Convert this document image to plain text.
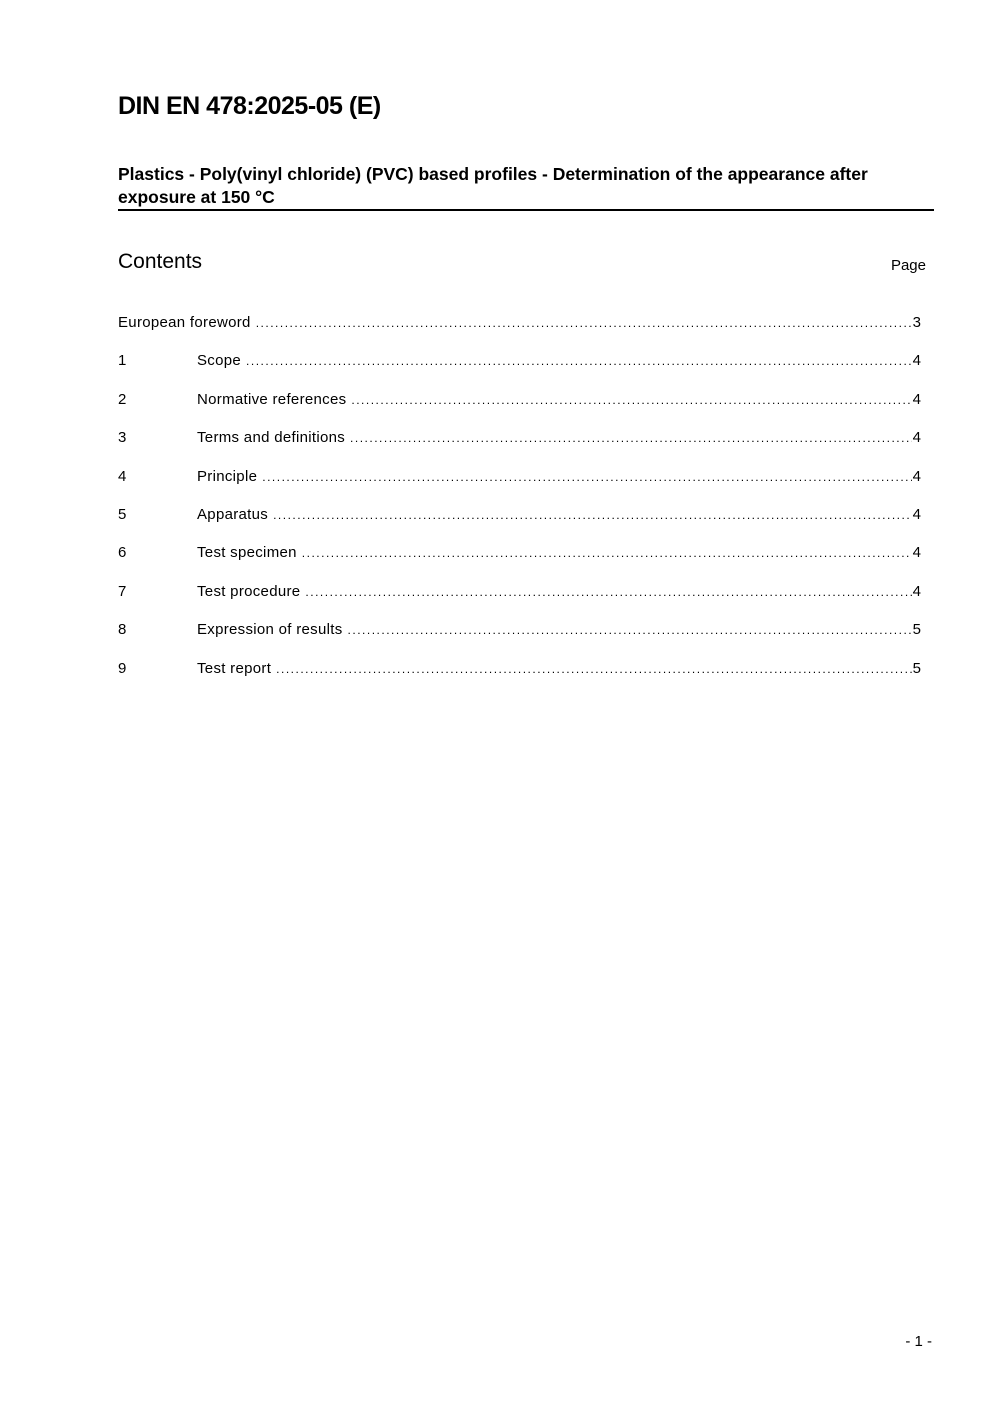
DIN EN 478:2025-05 (E)
Plastics - Poly(vinyl chloride) (PVC) based profiles - Determination of the appearance after exposure at 150 °C
Contents	Page
European foreword .....	3
1	Scope .....	4
2	Normative references .....	4
3	Terms and definitions .....	4
4	Principle .....	4
5	Apparatus .....	4
6	Test specimen .....	4
7	Test procedure .....	4
8	Expression of results .....	5
9	Test report .....	5
- 1 -
